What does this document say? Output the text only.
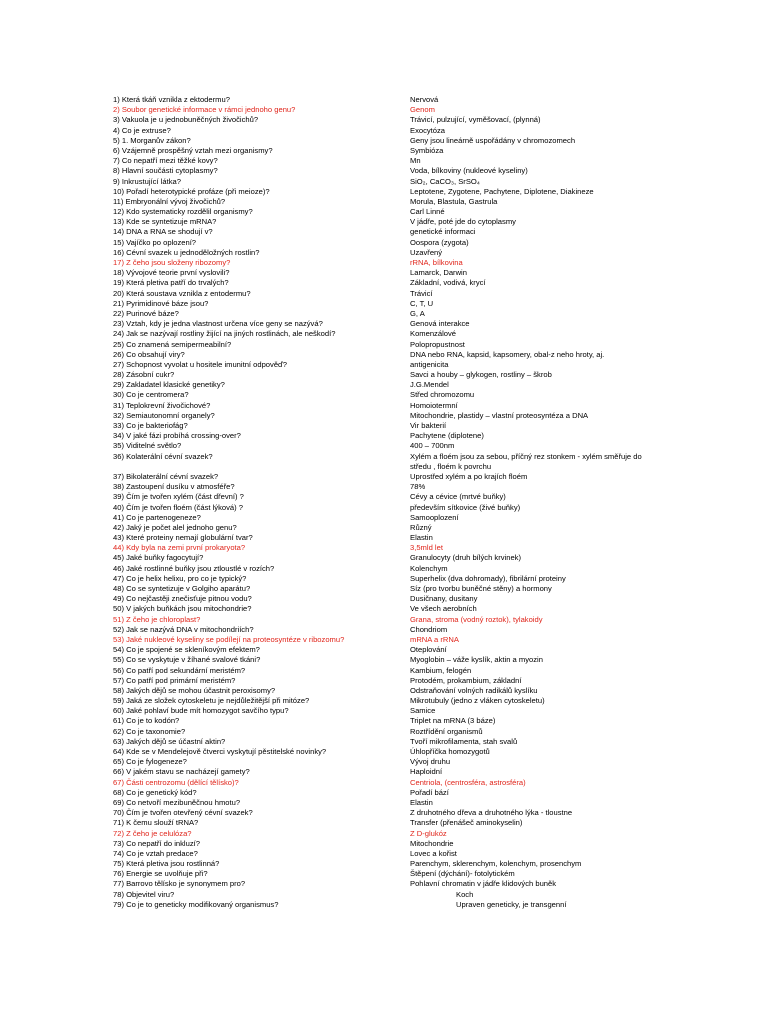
1) Která tkáň vznikla z ektodermu?	Nervová
2) Soubor genetické informace v rámci jednoho genu?	Genom
3) Vakuola je u jednobuněčných živočichů?	Trávicí, pulzující, vyměšovací, (plynná)
4) Co je extruse?	Exocytóza
5) 1. Morganův zákon?	Geny jsou lineárně uspořádány v chromozomech
6) Vzájemně prospěšný vztah mezi organismy?	Symbióza
7) Co nepatří mezi těžké kovy?	Mn
8) Hlavní součásti cytoplasmy?	Voda, bílkoviny (nukleové kyseliny)
9) Inkrustující látka?	SiO₂, CaCO₃, SrSO₄
10) Pořadí heterotypické profáze (při meioze)?	Leptotene, Zygotene, Pachytene, Diplotene, Diakineze
11) Embryonální vývoj živočichů?	Morula, Blastula, Gastrula
12) Kdo systematicky rozdělil organismy?	Carl Linné
13) Kde se syntetizuje mRNA?	V jádře, poté jde do cytoplasmy
14) DNA a RNA se shodují v?	genetické informaci
15) Vajíčko po oplození?	Oospora (zygota)
16) Cévní svazek u jednoděložných rostlin?	Uzavřený
17) Z čeho jsou složeny ribozomy?	rRNA, bílkovina
18) Vývojové teorie první vyslovili?	Lamarck, Darwin
19) Která pletiva patří do trvalých?	Základní, vodivá, krycí
20) Která soustava vznikla z entodermu?	Trávicí
21) Pyrimidinové báze jsou?	C, T, U
22) Purinové báze?	G, A
23) Vztah, kdy je jedna vlastnost určena více geny se nazývá?	Genová interakce
24) Jak se nazývají rostliny žijící na jiných rostlinách, ale neškodí?	Komenzálové
25) Co znamená semipermeabilní?	Polopropustnost
26) Co obsahují viry?	DNA nebo RNA, kapsid, kapsomery, obal-z neho hroty, aj.
27) Schopnost vyvolat u hositele imunitní odpověď?	antigenicita
28) Zásobní cukr?	Savci a houby – glykogen, rostliny – škrob
29) Zakladatel klasické genetiky?	J.G.Mendel
30) Co je centromera?	Střed chromozomu
31) Teplokrevní živočichové?	Homoiotermní
32) Semiautonomní organely?	Mitochondrie, plastidy – vlastní proteosyntéza a DNA
33) Co je bakteriofág?	Vir bakterií
34) V jaké fázi probíhá crossing-over?	Pachytene (diplotene)
35) Viditelné světlo?	400 – 700nm
36) Kolaterální cévní svazek?	Xylém a floém jsou za sebou, příčný rez stonkem - xylém směřuje do středu , floém k povrchu
37) Bikolaterální cévní svazek?	Uprostřed xylém a po krajích floém
38) Zastoupení dusíku v atmosféře?	78%
39) Čím je tvořen xylém (část dřevní) ?	Cévy a cévice (mrtvé buňky)
40) Čím je tvořen floém (část lýková) ?	především sítkovice (živé buňky)
41) Co je partenogeneze?	Samooplození
42) Jaký je počet alel jednoho genu?	Různý
43) Které proteiny nemají globulární tvar?	Elastin
44) Kdy byla na zemi první prokaryota?	3,5mld let
45) Jaké buňky fagocytují?	Granulocyty (druh bílých krvinek)
46) Jaké rostlinné buňky jsou ztloustlé v rozích?	Kolenchym
47) Co je helix helixu, pro co je typický?	Superhelix (dva dohromady), fibrilární proteiny
48) Co se syntetizuje v Golgiho aparátu?	Síz (pro tvorbu buněčné stěny) a hormony
49) Co nejčastěji znečisťuje pitnou vodu?	Dusičnany, dusitany
50) V jakých buňkách jsou mitochondrie?	Ve všech aerobních
51) Z čeho je chloroplast?	Grana, stroma (vodný roztok), tylakoidy
52) Jak se nazývá DNA v mitochondriích?	Chondriom
53) Jaké nukleové kyseliny se podílejí na proteosyntéze v ribozomu?	mRNA a rRNA
54) Co je spojené se skleníkovým efektem?	Oteplování
55) Co se vyskytuje v žíhané svalové tkáni?	Myoglobin – váže kyslík, aktin a myozin
56) Co patří pod sekundární meristém?	Kambium, felogén
57) Co patří pod primární meristém?	Protodém, prokambium, základní
58) Jakých dějů se mohou účastnit peroxisomy?	Odstraňování volných radikálů kyslíku
59) Jaká ze složek cytoskeletu je nejdůležitější při mitóze?	Mikrotubuly (jedno z vláken cytoskeletu)
60) Jaké pohlaví bude mít homozygot savčího typu?	Samice
61) Co je to kodón?	Triplet na mRNA (3 báze)
62) Co je taxonomie?	Roztřídění organismů
63) Jakých dějů se účastní aktin?	Tvoří mikrofilamenta, stah svalů
64) Kde se v Mendelejově čtverci vyskytují pěstitelské novinky?	Úhlopříčka homozygotů
65) Co je fylogeneze?	Vývoj druhu
66) V jakém stavu se nacházejí gamety?	Haploidní
67) Části centrozomu (dělící tělísko)?	Centriola, (centrosféra, astrosféra)
68) Co je genetický kód?	Pořadí bází
69) Co netvoří mezibuněčnou hmotu?	Elastin
70) Čím je tvořen otevřený cévní svazek?	Z druhotného dřeva a druhotného lýka - tloustne
71) K čemu slouží tRNA?	Transfer (přenášeč aminokyselin)
72) Z čeho je celulóza?	Z D-glukóz
73) Co nepatří do inkluzí?	Mitochondrie
74) Co je vztah predace?	Lovec a kořist
75) Která pletiva jsou rostlinná?	Parenchym, sklerenchym, kolenchym, prosenchym
76) Energie se uvolňuje při?	Štěpení (dýchání)- fotolytickém
77) Barrovo tělísko je synonymem pro?	Pohlavní chromatin v jádře klidových buněk
78) Objevitel viru?	Koch
79) Co je to geneticky modifikovaný organismus?	Upraven geneticky, je transgenní
